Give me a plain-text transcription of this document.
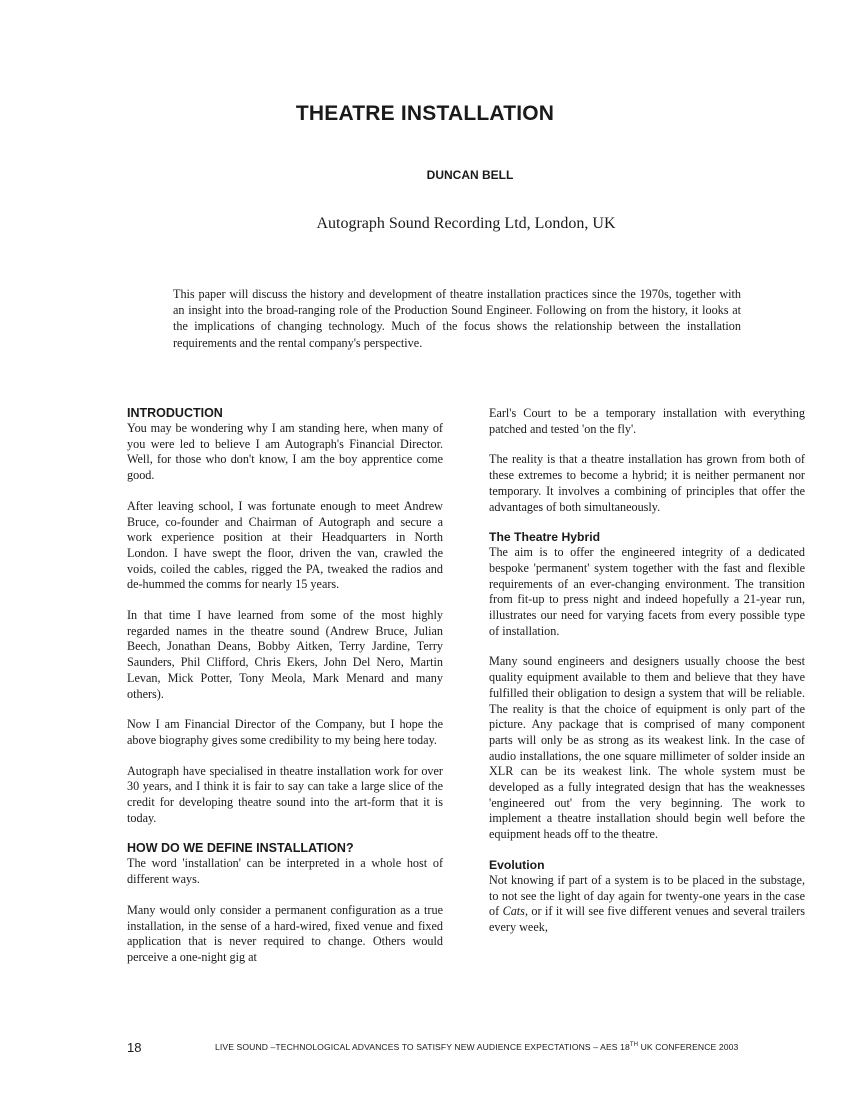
THEATRE INSTALLATION
DUNCAN BELL
Autograph Sound Recording Ltd, London, UK
This paper will discuss the history and development of theatre installation practices since the 1970s, together with an insight into the broad-ranging role of the Production Sound Engineer. Following on from the history, it looks at the implications of changing technology. Much of the focus shows the relationship between the installation requirements and the rental company's perspective.
INTRODUCTION

You may be wondering why I am standing here, when many of you were led to believe I am Autograph's Financial Director. Well, for those who don't know, I am the boy apprentice come good.

After leaving school, I was fortunate enough to meet Andrew Bruce, co-founder and Chairman of Autograph and secure a work experience position at their Headquarters in North London. I have swept the floor, driven the van, crawled the voids, coiled the cables, rigged the PA, tweaked the radios and de-hummed the comms for nearly 15 years.

In that time I have learned from some of the most highly regarded names in the theatre sound (Andrew Bruce, Julian Beech, Jonathan Deans, Bobby Aitken, Terry Jardine, Terry Saunders, Phil Clifford, Chris Ekers, John Del Nero, Martin Levan, Mick Potter, Tony Meola, Mark Menard and many others).

Now I am Financial Director of the Company, but I hope the above biography gives some credibility to my being here today.

Autograph have specialised in theatre installation work for over 30 years, and I think it is fair to say can take a large slice of the credit for developing theatre sound into the art-form that it is today.

HOW DO WE DEFINE INSTALLATION?

The word 'installation' can be interpreted in a whole host of different ways.

Many would only consider a permanent configuration as a true installation, in the sense of a hard-wired, fixed venue and fixed application that is never required to change. Others would perceive a one-night gig at

Earl's Court to be a temporary installation with everything patched and tested 'on the fly'.

The reality is that a theatre installation has grown from both of these extremes to become a hybrid; it is neither permanent nor temporary. It involves a combining of principles that offer the advantages of both simultaneously.

The Theatre Hybrid

The aim is to offer the engineered integrity of a dedicated bespoke 'permanent' system together with the fast and flexible requirements of an ever-changing environment. The transition from fit-up to press night and indeed hopefully a 21-year run, illustrates our need for varying facets from every possible type of installation.

Many sound engineers and designers usually choose the best quality equipment available to them and believe that they have fulfilled their obligation to design a system that will be reliable. The reality is that the choice of equipment is only part of the picture. Any package that is comprised of many component parts will only be as strong as its weakest link. In the case of audio installations, the one square millimeter of solder inside an XLR can be its weakest link. The whole system must be developed as a fully integrated design that has the weaknesses 'engineered out' from the very beginning. The work to implement a theatre installation should begin well before the equipment heads off to the theatre.

Evolution

Not knowing if part of a system is to be placed in the substage, to not see the light of day again for twenty-one years in the case of Cats, or if it will see five different venues and several trailers every week,

18	LIVE SOUND –TECHNOLOGICAL ADVANCES TO SATISFY NEW AUDIENCE EXPECTATIONS – AES 18TH UK CONFERENCE 2003
